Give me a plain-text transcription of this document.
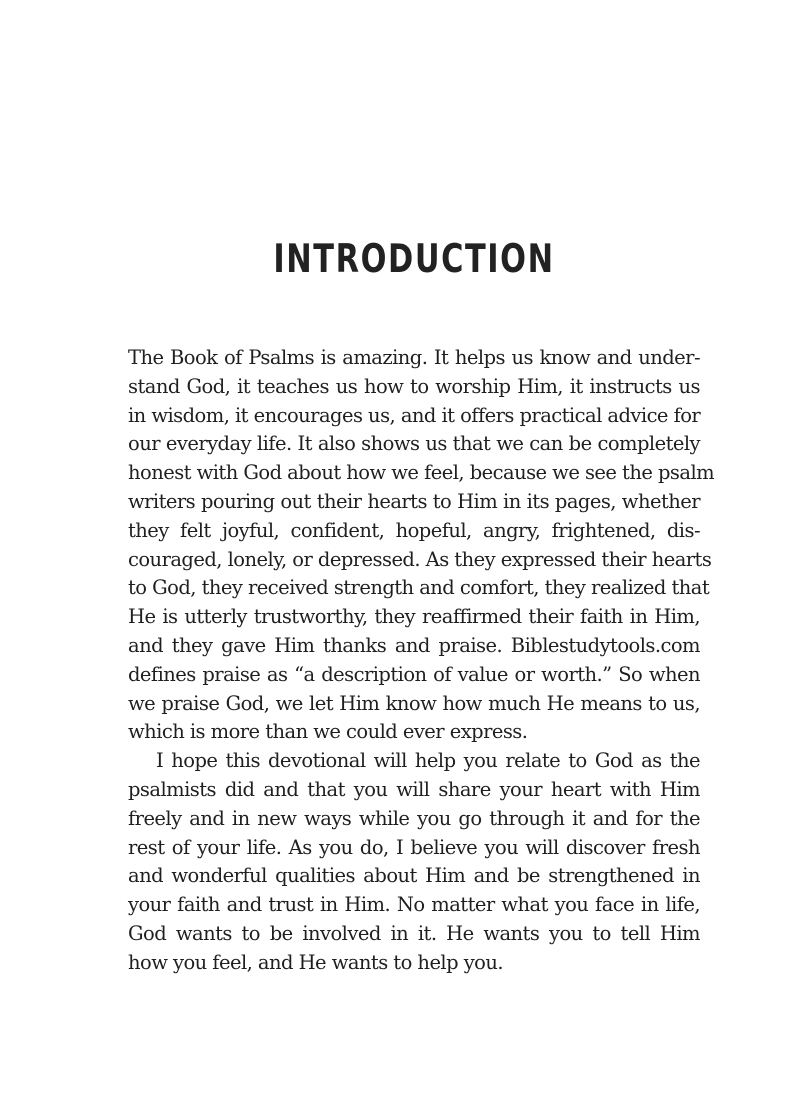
INTRODUCTION
The Book of Psalms is amazing. It helps us know and under-
stand God, it teaches us how to worship Him, it instructs us
in wisdom, it encourages us, and it offers practical advice for
our everyday life. It also shows us that we can be completely
honest with God about how we feel, because we see the psalm
writers pouring out their hearts to Him in its pages, whether
they felt joyful, confident, hopeful, angry, frightened, dis-
couraged, lonely, or depressed. As they expressed their hearts
to God, they received strength and comfort, they realized that
He is utterly trustworthy, they reaffirmed their faith in Him,
and they gave Him thanks and praise. Biblestudytools.com
defines praise as “a description of value or worth.” So when
we praise God, we let Him know how much He means to us,
which is more than we could ever express.
I hope this devotional will help you relate to God as the
psalmists did and that you will share your heart with Him
freely and in new ways while you go through it and for the
rest of your life. As you do, I believe you will discover fresh
and wonderful qualities about Him and be strengthened in
your faith and trust in Him. No matter what you face in life,
God wants to be involved in it. He wants you to tell Him
how you feel, and He wants to help you.
